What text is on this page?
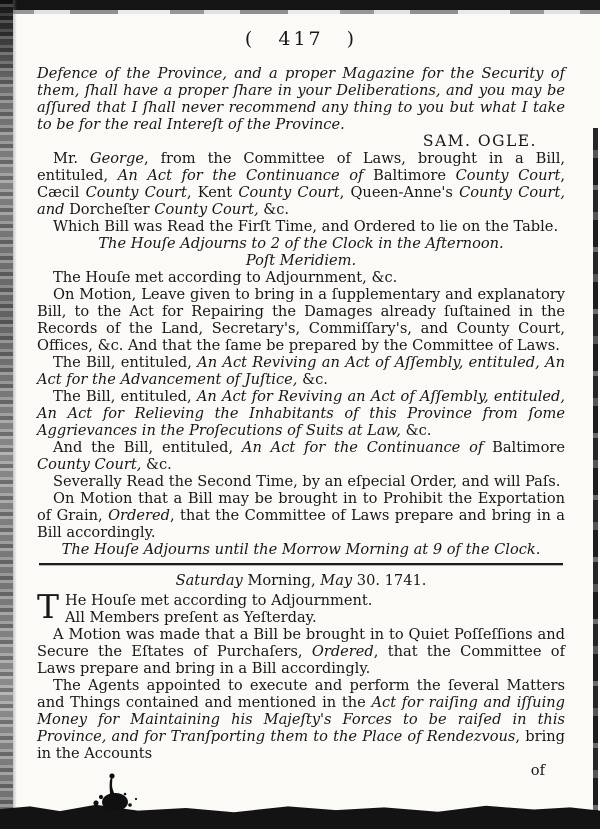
( 417 )

Defence of the Province, and a proper Magazine for the Security of them, ſhall have a proper ſhare in your Deliberations, and you may be aſſured that I ſhall never recommend any thing to you but what I take to be for the real Intereſt of the Province.

SAM. OGLE.

Mr. George, from the Committee of Laws, brought in a Bill, entituled, An Act for the Continuance of Baltimore County Court, Cæcil County Court, Kent County Court, Queen-Anne's County Court, and Dorcheſter County Court, &c.

Which Bill was Read the Firſt Time, and Ordered to lie on the Table.

The Houſe Adjourns to 2 of the Clock in the Afternoon.

Poſt Meridiem.

The Houſe met according to Adjournment, &c.

On Motion, Leave given to bring in a ſupplementary and explanatory Bill, to the Act for Repairing the Damages already ſuſtained in the Records of the Land, Secretary's, Commiſſary's, and County Court, Offices, &c. And that the ſame be prepared by the Committee of Laws.

The Bill, entituled, An Act Reviving an Act of Aſſembly, entituled, An Act for the Advancement of Juſtice, &c.

The Bill, entituled, An Act for Reviving an Act of Aſſembly, entituled, An Act for Relieving the Inhabitants of this Province from ſome Aggrievances in the Proſecutions of Suits at Law, &c.

And the Bill, entituled, An Act for the Continuance of Baltimore County Court, &c.

Severally Read the Second Time, by an eſpecial Order, and will Paſs.

On Motion that a Bill may be brought in to Prohibit the Exportation of Grain, Ordered, that the Committee of Laws prepare and bring in a Bill accordingly.

The Houſe Adjourns until the Morrow Morning at 9 of the Clock.

Saturday Morning, May 30. 1741.

T He Houſe met according to Adjournment.
All Members preſent as Yeſterday.

A Motion was made that a Bill be brought in to Quiet Poſſeſſions and Secure the Eſtates of Purchaſers, Ordered, that the Committee of Laws prepare and bring in a Bill accordingly.

The Agents appointed to execute and perform the ſeveral Matters and Things contained and mentioned in the Act for raiſing and iſſuing Money for Maintaining his Majeſty's Forces to be raiſed in this Province, and for Tranſporting them to the Place of Rendezvous, bring in the Accounts

of
